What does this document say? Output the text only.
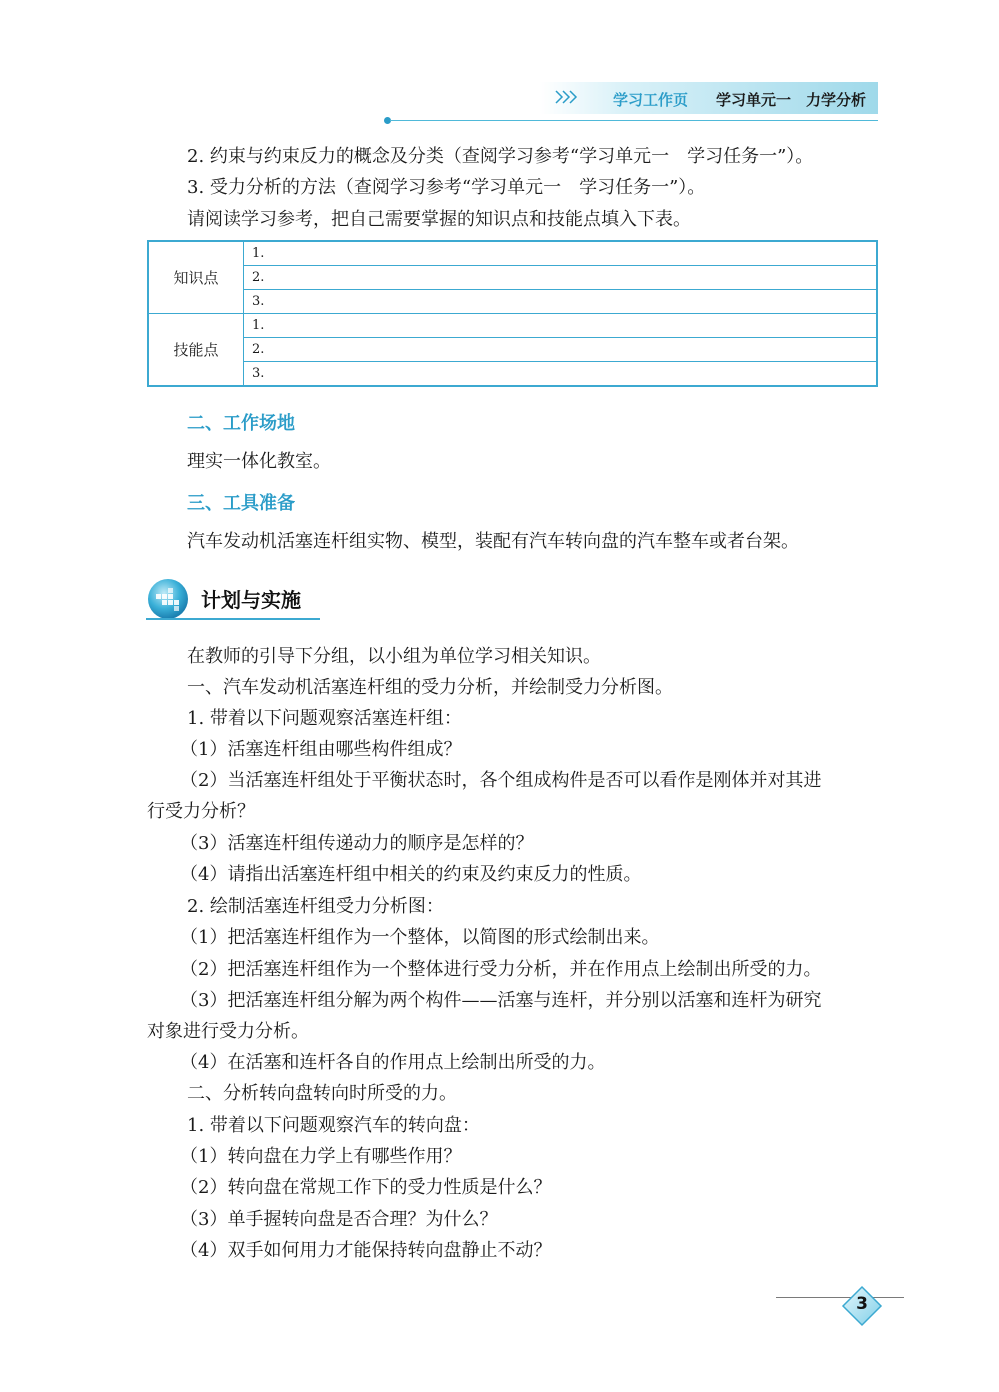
学习工作页 学习单元一　力学分析
2. 约束与约束反力的概念及分类（查阅学习参考“学习单元一　学习任务一”）。
3. 受力分析的方法（查阅学习参考“学习单元一　学习任务一”）。
请阅读学习参考，把自己需要掌握的知识点和技能点填入下表。
知识点	1.
	2.
	3.
技能点	1.
	2.
	3.
二、工作场地
理实一体化教室。
三、工具准备
汽车发动机活塞连杆组实物、模型，装配有汽车转向盘的汽车整车或者台架。
计划与实施
在教师的引导下分组，以小组为单位学习相关知识。
一、汽车发动机活塞连杆组的受力分析，并绘制受力分析图。
1. 带着以下问题观察活塞连杆组：
（1）活塞连杆组由哪些构件组成？
（2）当活塞连杆组处于平衡状态时，各个组成构件是否可以看作是刚体并对其进
行受力分析？
（3）活塞连杆组传递动力的顺序是怎样的？
（4）请指出活塞连杆组中相关的约束及约束反力的性质。
2. 绘制活塞连杆组受力分析图：
（1）把活塞连杆组作为一个整体，以简图的形式绘制出来。
（2）把活塞连杆组作为一个整体进行受力分析，并在作用点上绘制出所受的力。
（3）把活塞连杆组分解为两个构件——活塞与连杆，并分别以活塞和连杆为研究
对象进行受力分析。
（4）在活塞和连杆各自的作用点上绘制出所受的力。
二、分析转向盘转向时所受的力。
1. 带着以下问题观察汽车的转向盘：
（1）转向盘在力学上有哪些作用？
（2）转向盘在常规工作下的受力性质是什么？
（3）单手握转向盘是否合理？为什么？
（4）双手如何用力才能保持转向盘静止不动？
3
